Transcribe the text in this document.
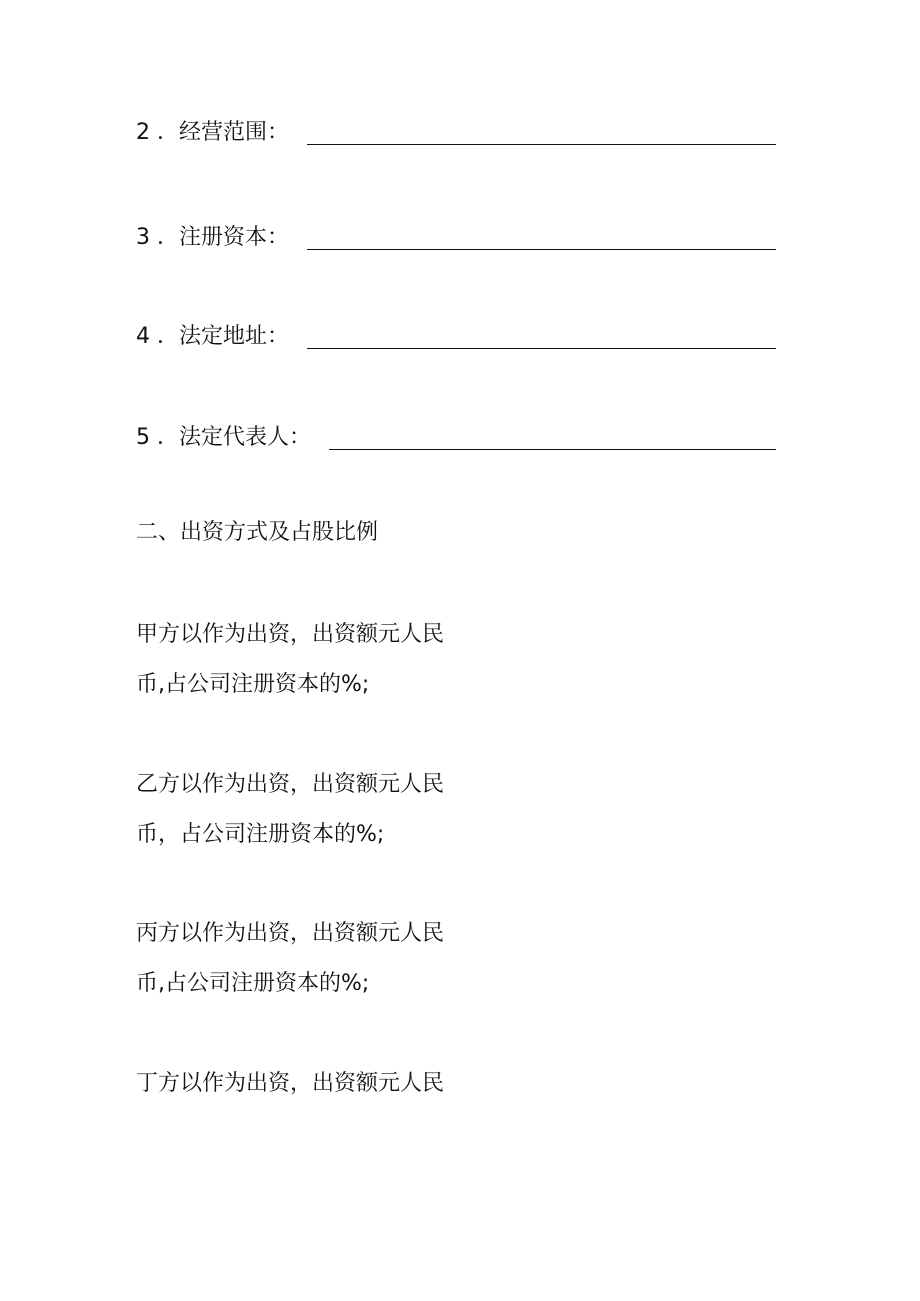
2 ．经营范围：
3 ．注册资本：
4 ．法定地址：
5 ．法定代表人：
二、出资方式及占股比例
甲方以作为出资，出资额元人民
币,占公司注册资本的%;
乙方以作为出资，出资额元人民
币，占公司注册资本的%;
丙方以作为出资，出资额元人民
币,占公司注册资本的%;
丁方以作为出资，出资额元人民
